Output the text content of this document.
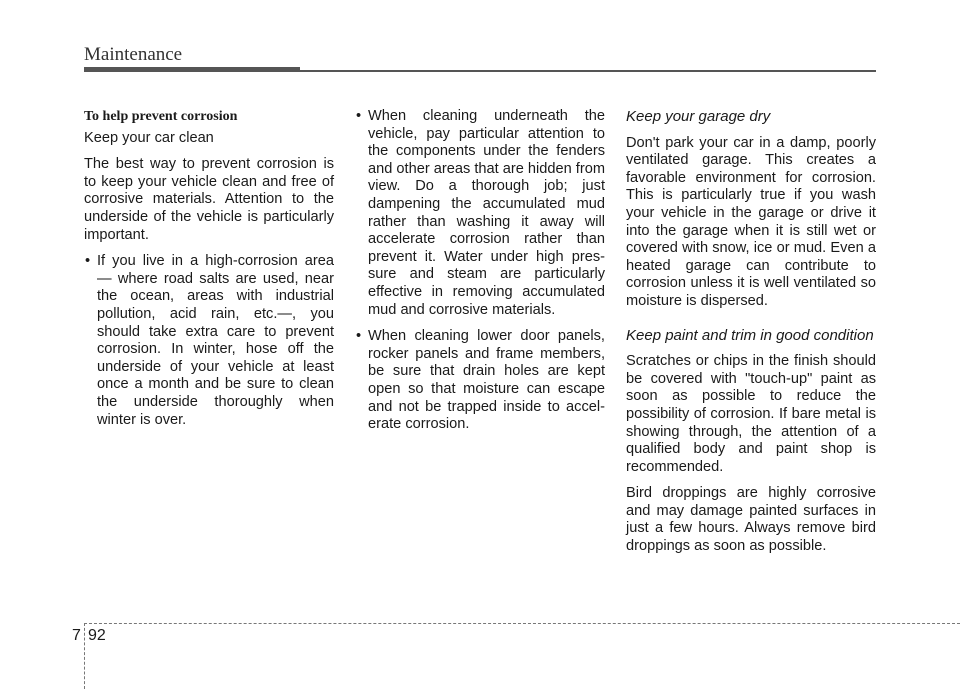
Maintenance
To help prevent corrosion

Keep your car clean

The best way to prevent corrosion is to keep your vehicle clean and free of corrosive materials. Attention to the underside of the vehicle is particularly important.

• If you live in a high-corrosion area — where road salts are used, near the ocean, areas with industrial pollution, acid rain, etc.—, you should take extra care to prevent corrosion. In winter, hose off the underside of your vehicle at least once a month and be sure to clean the underside thoroughly when winter is over.
• When cleaning underneath the vehicle, pay particular attention to the components under the fenders and other areas that are hidden from view. Do a thorough job; just dampening the accumulated mud rather than washing it away will accelerate corrosion rather than prevent it. Water under high pressure and steam are particularly effective in removing accumulated mud and corrosive materials.
• When cleaning lower door panels, rocker panels and frame members, be sure that drain holes are kept open so that moisture can escape and not be trapped inside to accelerate corrosion.
Keep your garage dry

Don't park your car in a damp, poorly ventilated garage. This creates a favorable environment for corrosion. This is particularly true if you wash your vehicle in the garage or drive it into the garage when it is still wet or covered with snow, ice or mud. Even a heated garage can contribute to corrosion unless it is well ventilated so moisture is dispersed.

Keep paint and trim in good condition

Scratches or chips in the finish should be covered with "touch-up" paint as soon as possible to reduce the possibility of corrosion. If bare metal is showing through, the attention of a qualified body and paint shop is recommended.

Bird droppings are highly corrosive and may damage painted surfaces in just a few hours. Always remove bird droppings as soon as possible.

7 92
